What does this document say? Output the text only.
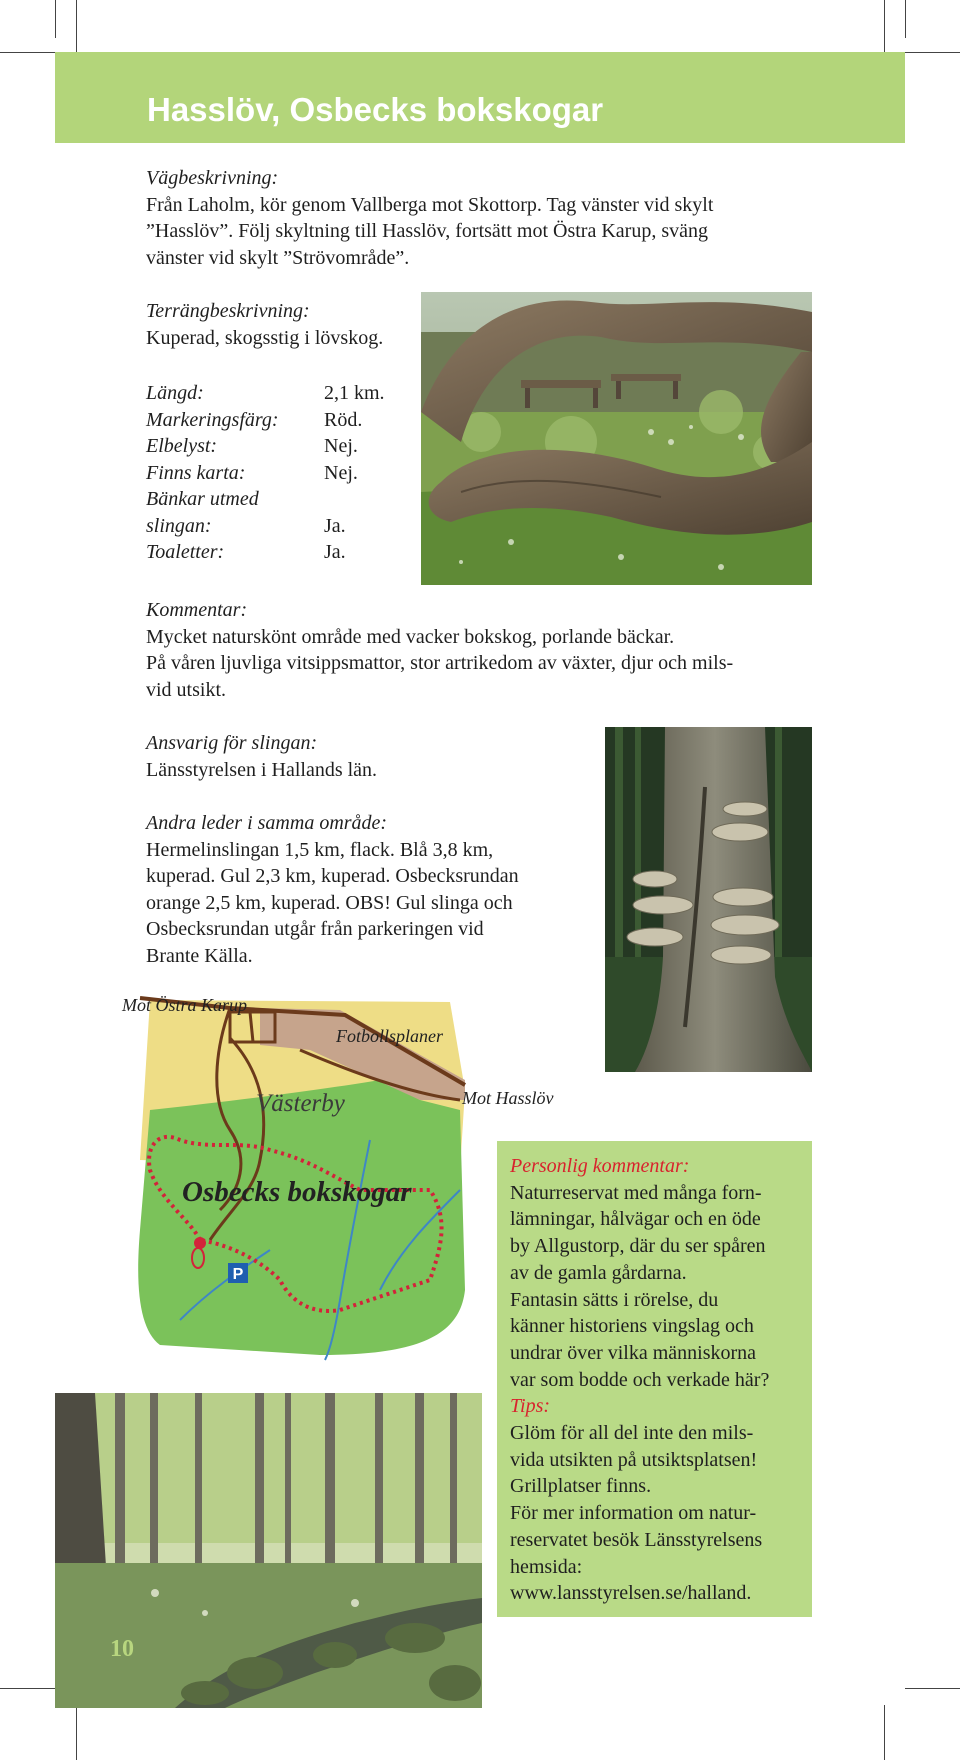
Hasslöv, Osbecks bokskogar
Vägbeskrivning:
Från Laholm, kör genom Vallberga mot Skottorp. Tag vänster vid skylt
”Hasslöv”. Följ skyltning till Hasslöv, fortsätt mot Östra Karup, sväng
vänster vid skylt ”Strövområde”.
Terrängbeskrivning:
Kuperad, skogsstig i lövskog.
Längd:	2,1 km.
Markeringsfärg:	Röd.
Elbelyst:	Nej.
Finns karta:	Nej.
Bänkar utmed
slingan:	Ja.
Toaletter:	Ja.
Kommentar:
Mycket naturskönt område med vacker bokskog, porlande bäckar.
På våren ljuvliga vitsippsmattor, stor artrikedom av växter, djur och mils-
vid utsikt.
Ansvarig för slingan:
Länsstyrelsen i Hallands län.
Andra leder i samma område:
Hermelinslingan 1,5 km, flack. Blå 3,8 km,
kuperad. Gul 2,3 km, kuperad. Osbecksrundan
orange 2,5 km, kuperad. OBS! Gul slinga och
Osbecksrundan utgår från parkeringen vid
Brante Källa.
P
Mot Östra Karup
Fotbollsplaner
Mot Hasslöv
Västerby
Osbecks bokskogar
10
Personlig kommentar:
Naturreservat med många forn-
lämningar, hålvägar och en öde
by Allgustorp, där du ser spåren
av de gamla gårdarna.
Fantasin sätts i rörelse, du
känner historiens vingslag och
undrar över vilka människorna
var som bodde och verkade här?
Tips:
Glöm för all del inte den mils-
vida utsikten på utsiktsplatsen!
Grillplatser finns.
För mer information om natur-
reservatet besök Länsstyrelsens
hemsida:
www.lansstyrelsen.se/halland.
